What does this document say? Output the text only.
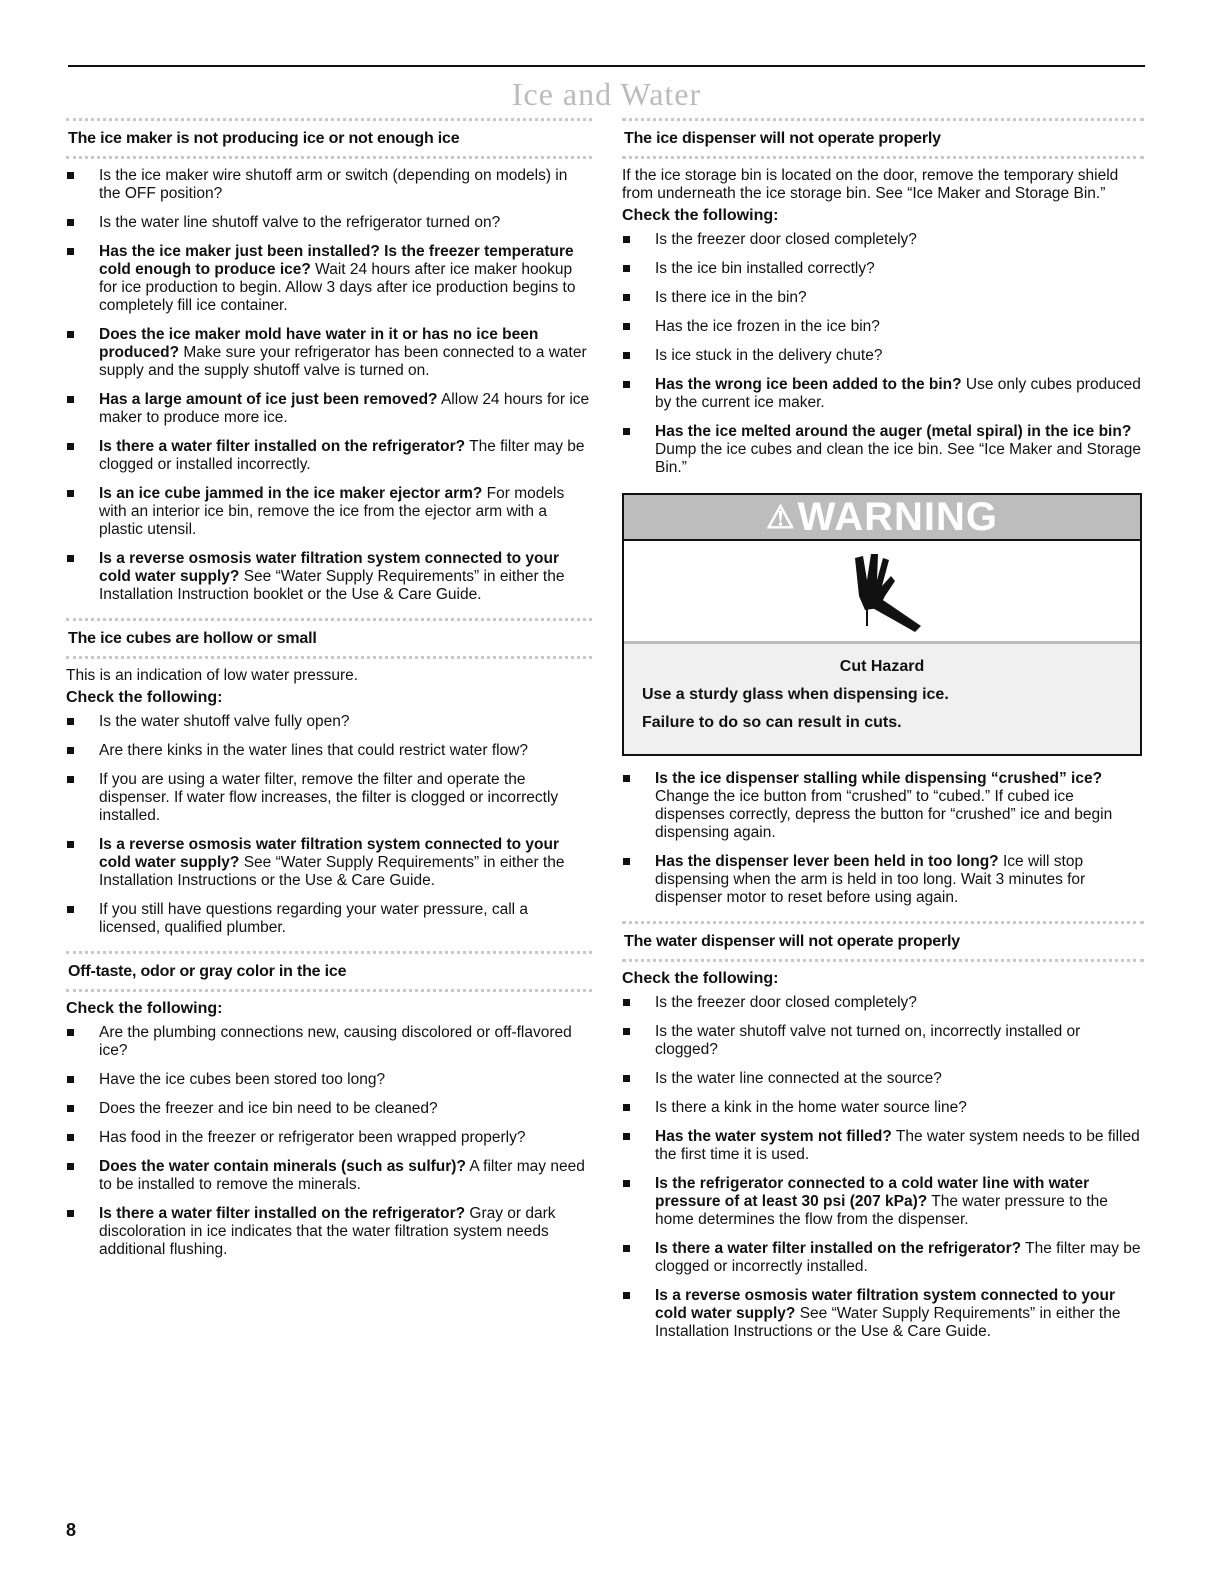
Ice and Water
The ice maker is not producing ice or not enough ice
Is the ice maker wire shutoff arm or switch (depending on models) in the OFF position?
Is the water line shutoff valve to the refrigerator turned on?
Has the ice maker just been installed? Is the freezer temperature cold enough to produce ice? Wait 24 hours after ice maker hookup for ice production to begin. Allow 3 days after ice production begins to completely fill ice container.
Does the ice maker mold have water in it or has no ice been produced? Make sure your refrigerator has been connected to a water supply and the supply shutoff valve is turned on.
Has a large amount of ice just been removed? Allow 24 hours for ice maker to produce more ice.
Is there a water filter installed on the refrigerator? The filter may be clogged or installed incorrectly.
Is an ice cube jammed in the ice maker ejector arm? For models with an interior ice bin, remove the ice from the ejector arm with a plastic utensil.
Is a reverse osmosis water filtration system connected to your cold water supply? See “Water Supply Requirements” in either the Installation Instruction booklet or the Use & Care Guide.
The ice cubes are hollow or small

This is an indication of low water pressure.

Check the following:
Is the water shutoff valve fully open?
Are there kinks in the water lines that could restrict water flow?
If you are using a water filter, remove the filter and operate the dispenser. If water flow increases, the filter is clogged or incorrectly installed.
Is a reverse osmosis water filtration system connected to your cold water supply? See “Water Supply Requirements” in either the Installation Instructions or the Use & Care Guide.
If you still have questions regarding your water pressure, call a licensed, qualified plumber.
Off-taste, odor or gray color in the ice
Check the following:
Are the plumbing connections new, causing discolored or off-flavored ice?
Have the ice cubes been stored too long?
Does the freezer and ice bin need to be cleaned?
Has food in the freezer or refrigerator been wrapped properly?
Does the water contain minerals (such as sulfur)? A filter may need to be installed to remove the minerals.
Is there a water filter installed on the refrigerator? Gray or dark discoloration in ice indicates that the water filtration system needs additional flushing.
The ice dispenser will not operate properly

If the ice storage bin is located on the door, remove the temporary shield from underneath the ice storage bin. See “Ice Maker and Storage Bin.”

Check the following:
Is the freezer door closed completely?
Is the ice bin installed correctly?
Is there ice in the bin?
Has the ice frozen in the ice bin?
Is ice stuck in the delivery chute?
Has the wrong ice been added to the bin? Use only cubes produced by the current ice maker.
Has the ice melted around the auger (metal spiral) in the ice bin? Dump the ice cubes and clean the ice bin. See “Ice Maker and Storage Bin.”
⚠ WARNING
Cut Hazard
Use a sturdy glass when dispensing ice.
Failure to do so can result in cuts.
Is the ice dispenser stalling while dispensing “crushed” ice? Change the ice button from “crushed” to “cubed.” If cubed ice dispenses correctly, depress the button for “crushed” ice and begin dispensing again.
Has the dispenser lever been held in too long? Ice will stop dispensing when the arm is held in too long. Wait 3 minutes for dispenser motor to reset before using again.
The water dispenser will not operate properly
Check the following:
Is the freezer door closed completely?
Is the water shutoff valve not turned on, incorrectly installed or clogged?
Is the water line connected at the source?
Is there a kink in the home water source line?
Has the water system not filled? The water system needs to be filled the first time it is used.
Is the refrigerator connected to a cold water line with water pressure of at least 30 psi (207 kPa)? The water pressure to the home determines the flow from the dispenser.
Is there a water filter installed on the refrigerator? The filter may be clogged or incorrectly installed.
Is a reverse osmosis water filtration system connected to your cold water supply? See “Water Supply Requirements” in either the Installation Instructions or the Use & Care Guide.
8
